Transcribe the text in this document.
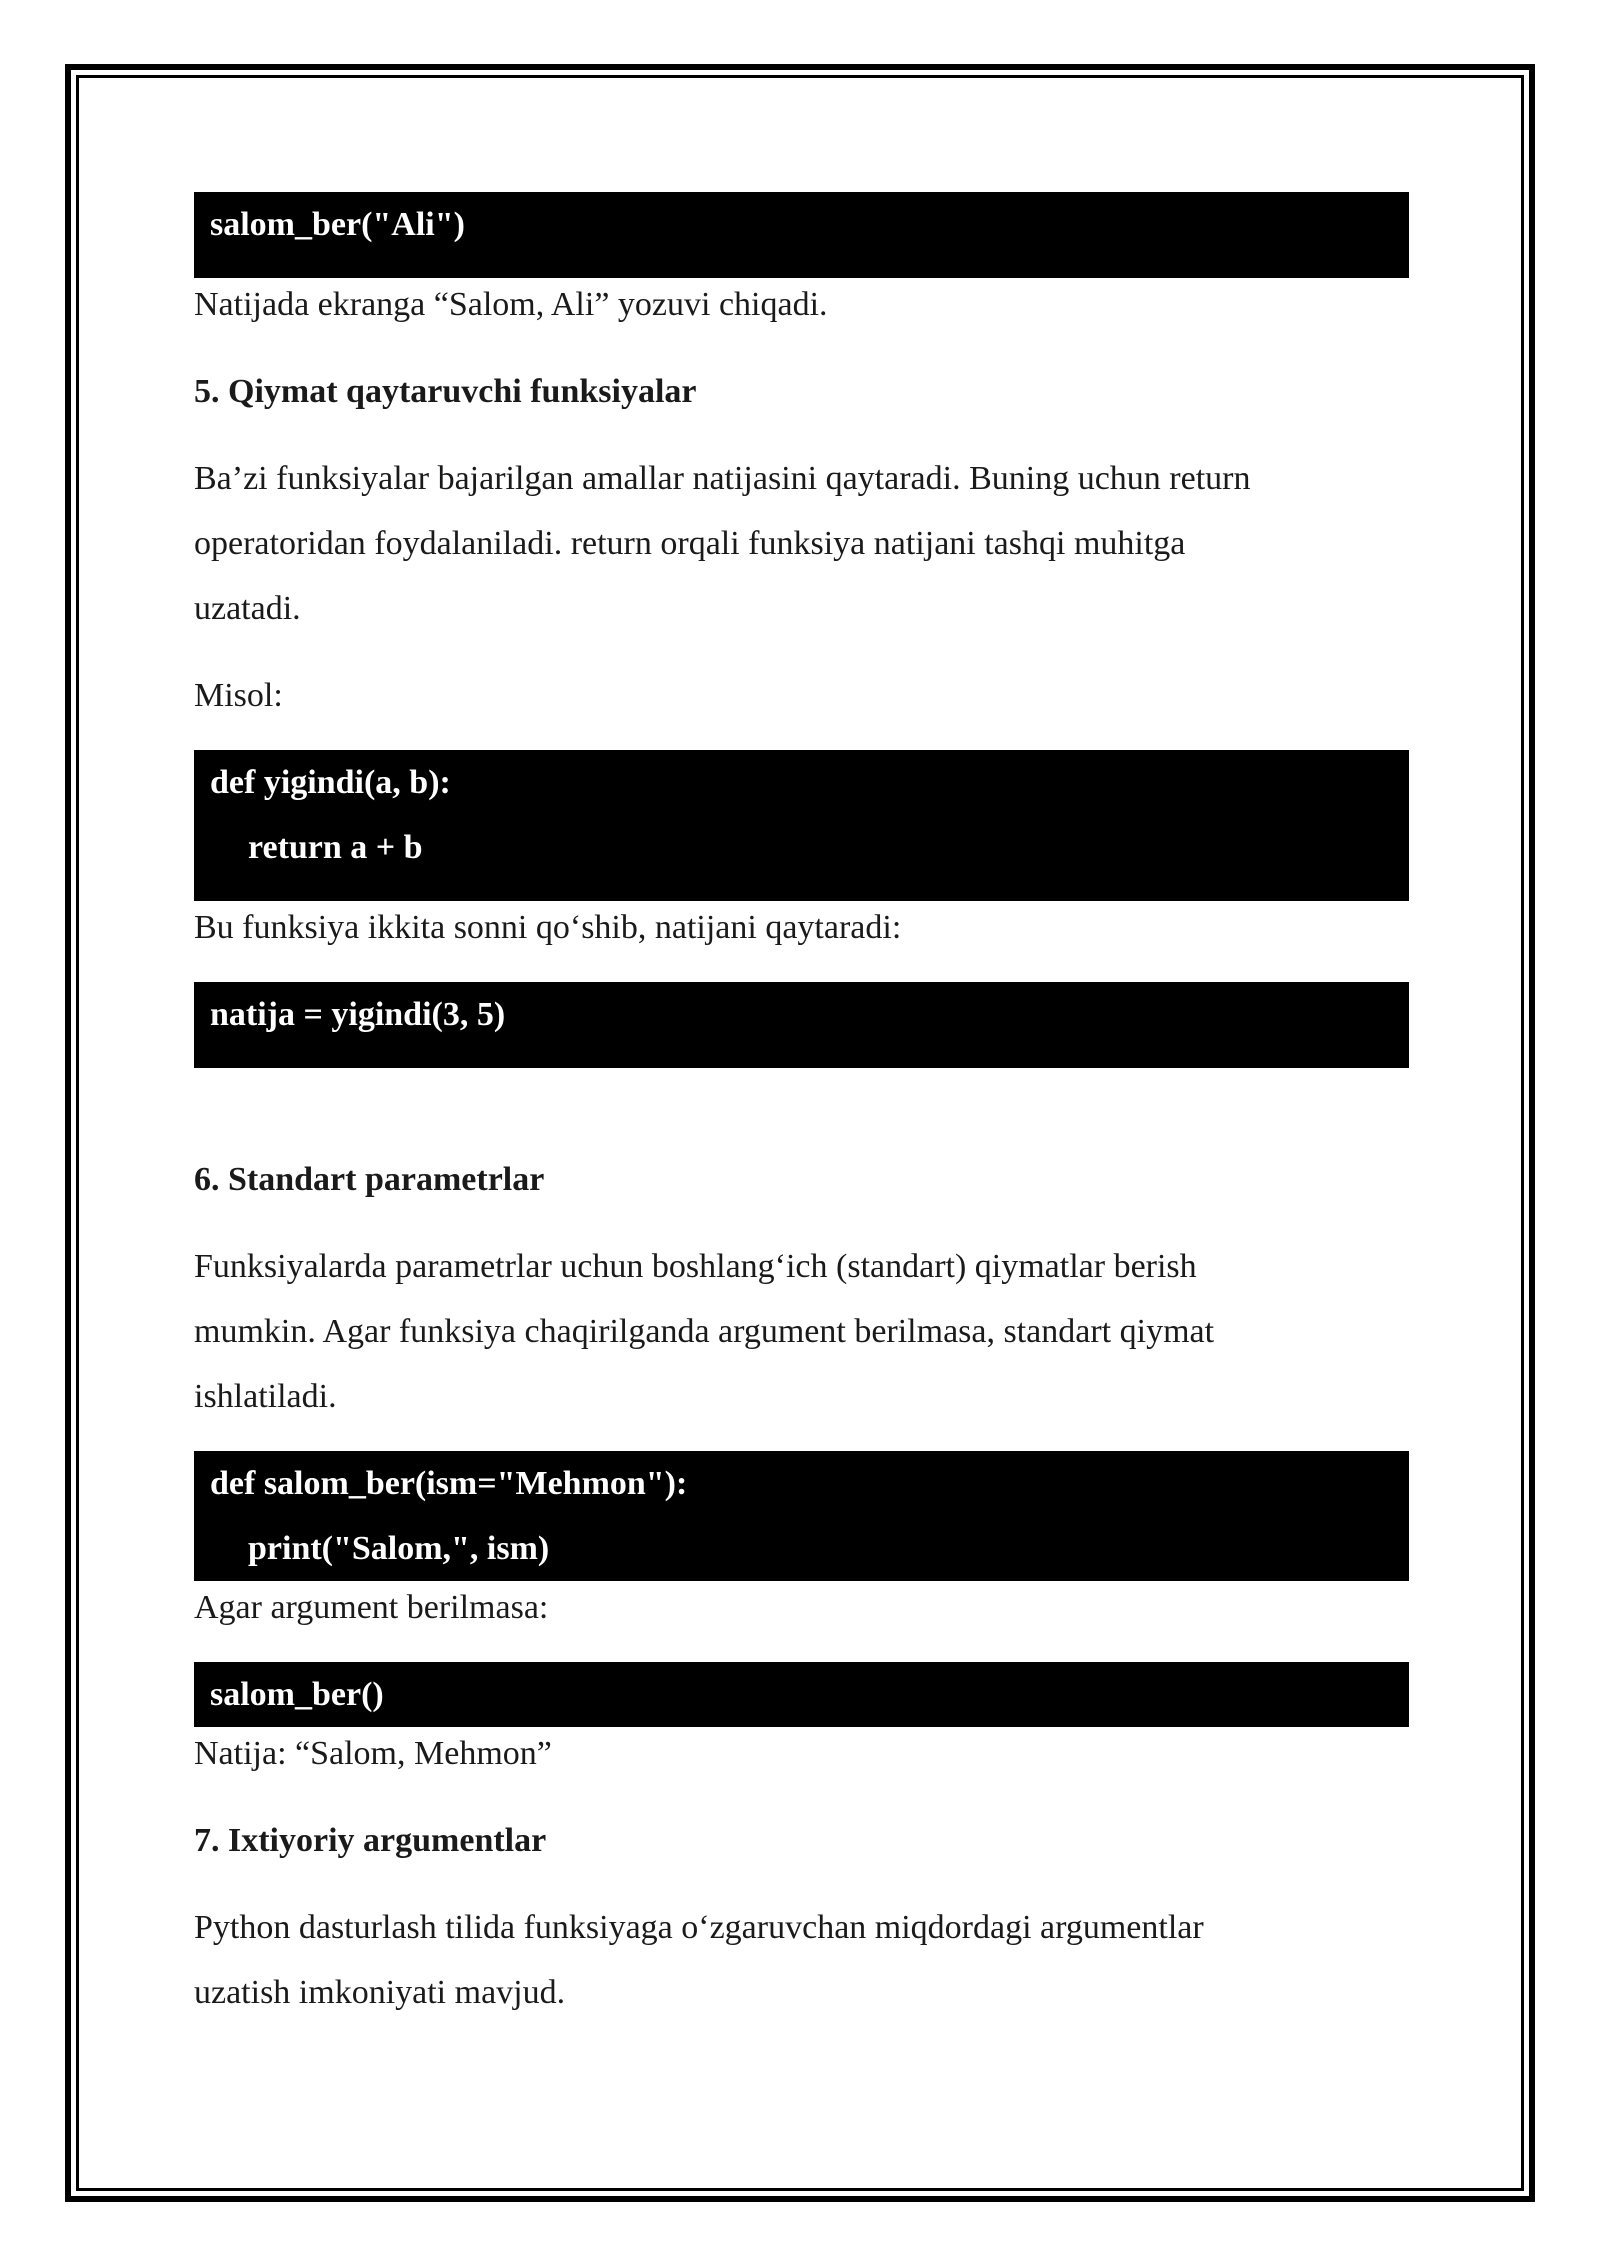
salom_ber("Ali")

Natijada ekranga “Salom, Ali” yozuvi chiqadi.

5. Qiymat qaytaruvchi funksiyalar

Ba’zi funksiyalar bajarilgan amallar natijasini qaytaradi. Buning uchun return

operatoridan foydalaniladi. return orqali funksiya natijani tashqi muhitga

uzatadi.

Misol:

def yigindi(a, b):
return a + b

Bu funksiya ikkita sonni qo‘shib, natijani qaytaradi:

natija = yigindi(3, 5)
6. Standart parametrlar

Funksiyalarda parametrlar uchun boshlang‘ich (standart) qiymatlar berish

mumkin. Agar funksiya chaqirilganda argument berilmasa, standart qiymat

ishlatiladi.

def salom_ber(ism="Mehmon"):
print("Salom,", ism)

Agar argument berilmasa:

salom_ber()

Natija: “Salom, Mehmon”

7. Ixtiyoriy argumentlar

Python dasturlash tilida funksiyaga o‘zgaruvchan miqdordagi argumentlar

uzatish imkoniyati mavjud.
